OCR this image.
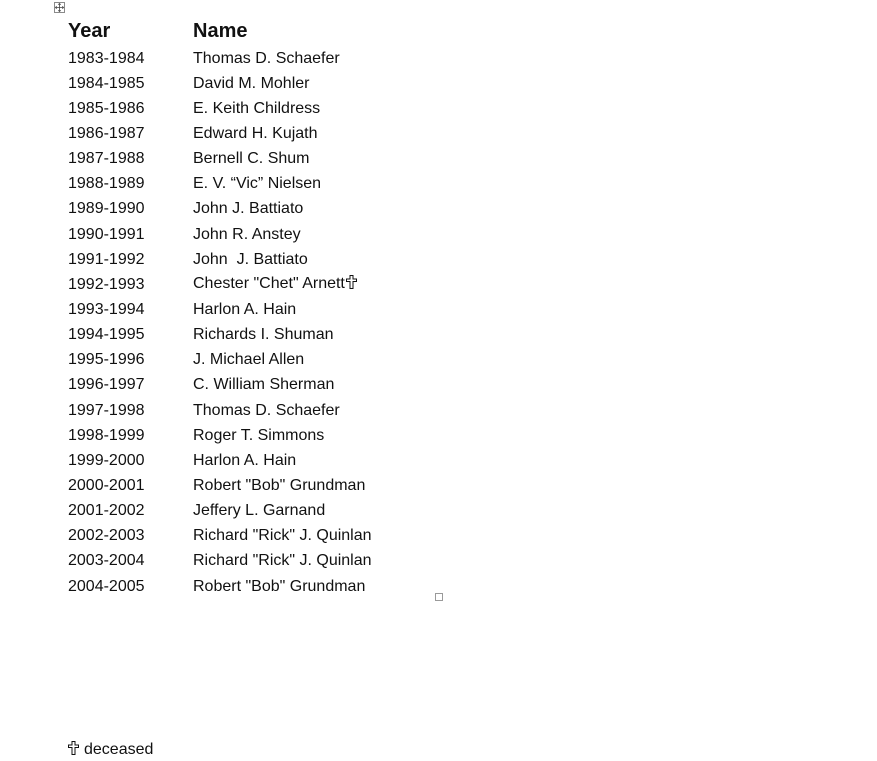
Year	Name
1983-1984	Thomas D. Schaefer
1984-1985	David M. Mohler
1985-1986	E. Keith Childress
1986-1987	Edward H. Kujath
1987-1988	Bernell C. Shum
1988-1989	E. V. “Vic” Nielsen
1989-1990	John J. Battiato
1990-1991	John R. Anstey
1991-1992	John  J. Battiato
1992-1993	Chester "Chet" Arnett
1993-1994	Harlon A. Hain
1994-1995	Richards I. Shuman
1995-1996	J. Michael Allen
1996-1997	C. William Sherman
1997-1998	Thomas D. Schaefer
1998-1999	Roger T. Simmons
1999-2000	Harlon A. Hain
2000-2001	Robert "Bob" Grundman
2001-2002	Jeffery L. Garnand
2002-2003	Richard "Rick" J. Quinlan
2003-2004	Richard "Rick" J. Quinlan
2004-2005	Robert "Bob" Grundman
deceased
